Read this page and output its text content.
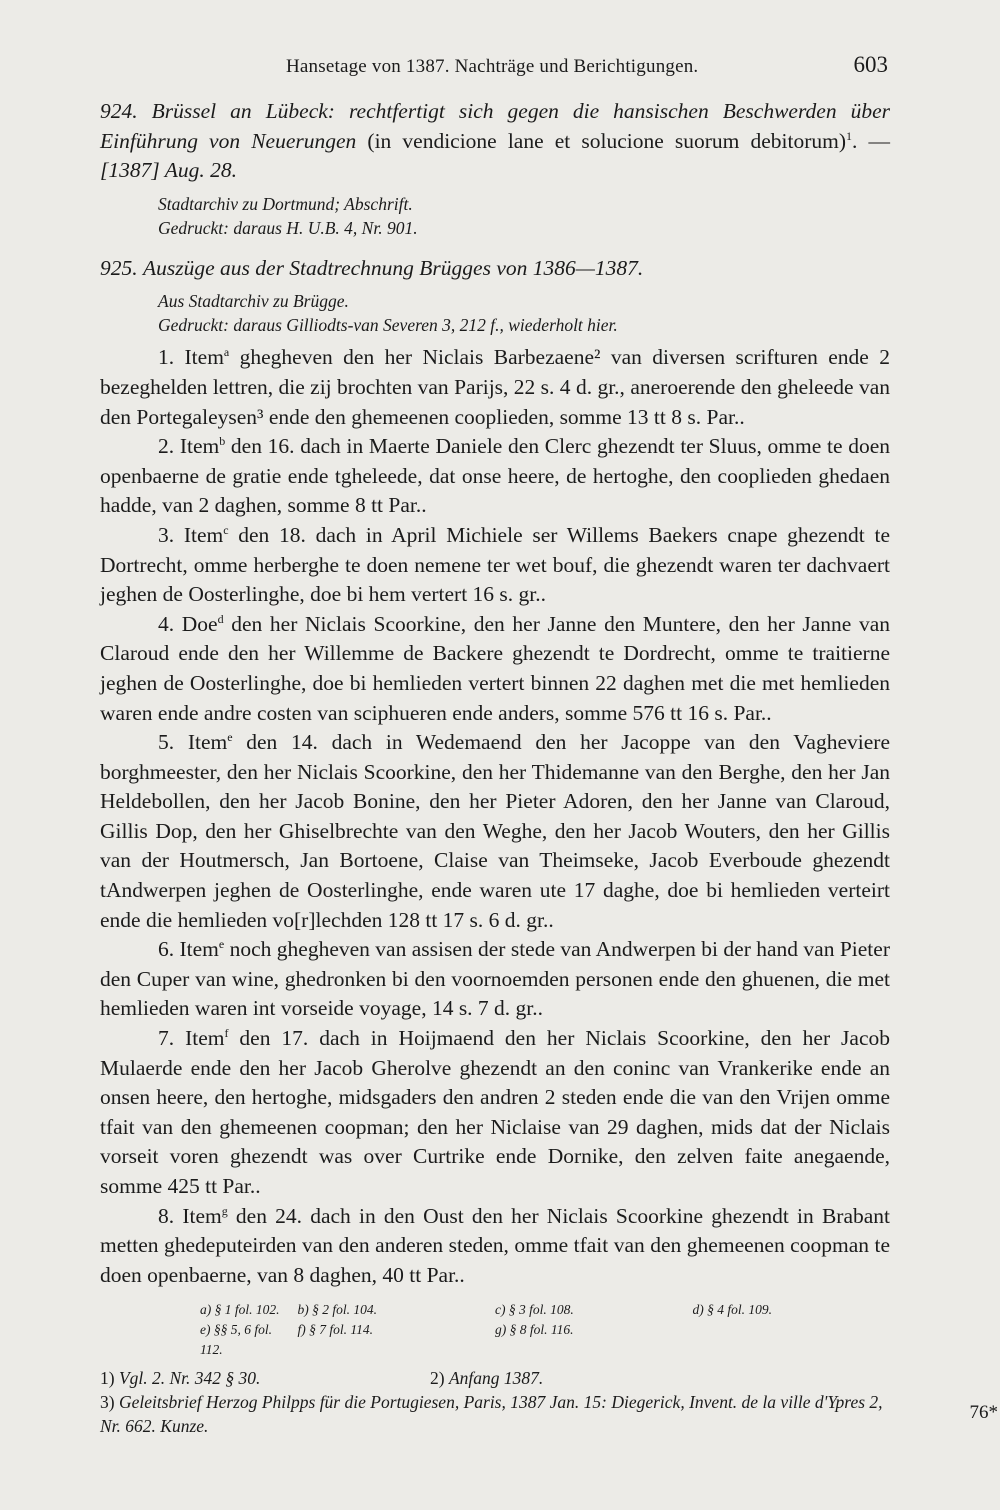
Hansetage von 1387. Nachträge und Berichtigungen.	603

924. Brüssel an Lübeck: rechtfertigt sich gegen die hansischen Beschwerden über Einführung von Neuerungen (in vendicione lane et solucione suorum debitorum)$^1$. — [1387] Aug. 28.

Stadtarchiv zu Dortmund; Abschrift.

Gedruckt: daraus H. U.B. 4, Nr. 901.

925. Auszüge aus der Stadtrechnung Brügges von 1386—1387.

Aus Stadtarchiv zu Brügge.

Gedruckt: daraus Gilliodts-van Severen 3, 212 f., wiederholt hier.

1. Item$^a$ ghegheven den her Niclais Barbezaene² van diversen scrifturen ende 2 bezeghelden lettren, die zij brochten van Parijs, 22 s. 4 d. gr., aneroerende den gheleede van den Portegaleysen³ ende den ghemeenen cooplieden, somme 13 tt 8 s. Par..

2. Item$^b$ den 16. dach in Maerte Daniele den Clerc ghezendt ter Sluus, omme te doen openbaerne de gratie ende tgheleede, dat onse heere, de hertoghe, den cooplieden ghedaen hadde, van 2 daghen, somme 8 tt Par..

3. Item$^c$ den 18. dach in April Michiele ser Willems Baekers cnape ghezendt te Dortrecht, omme herberghe te doen nemene ter wet bouf, die ghezendt waren ter dachvaert jeghen de Oosterlinghe, doe bi hem vertert 16 s. gr..

4. Doe$^d$ den her Niclais Scoorkine, den her Janne den Muntere, den her Janne van Claroud ende den her Willemme de Backere ghezendt te Dordrecht, omme te traitierne jeghen de Oosterlinghe, doe bi hemlieden vertert binnen 22 daghen met die met hemlieden waren ende andre costen van sciphueren ende anders, somme 576 tt 16 s. Par..

5. Item$^e$ den 14. dach in Wedemaend den her Jacoppe van den Vagheviere borghmeester, den her Niclais Scoorkine, den her Thidemanne van den Berghe, den her Jan Heldebollen, den her Jacob Bonine, den her Pieter Adoren, den her Janne van Claroud, Gillis Dop, den her Ghiselbrechte van den Weghe, den her Jacob Wouters, den her Gillis van der Houtmersch, Jan Bortoene, Claise van Theimseke, Jacob Everboude ghezendt tAndwerpen jeghen de Oosterlinghe, ende waren ute 17 daghe, doe bi hemlieden verteirt ende die hemlieden vo[r]lechden 128 tt 17 s. 6 d. gr..

6. Item$^e$ noch ghegheven van assisen der stede van Andwerpen bi der hand van Pieter den Cuper van wine, ghedronken bi den voornoemden personen ende den ghuenen, die met hemlieden waren int vorseide voyage, 14 s. 7 d. gr..

7. Item$^f$ den 17. dach in Hoijmaend den her Niclais Scoorkine, den her Jacob Mulaerde ende den her Jacob Gherolve ghezendt an den coninc van Vrankerike ende an onsen heere, den hertoghe, midsgaders den andren 2 steden ende die van den Vrijen omme tfait van den ghemeenen coopman; den her Niclaise van 29 daghen, mids dat der Niclais vorseit voren ghezendt was over Curtrike ende Dornike, den zelven faite anegaende, somme 425 tt Par..

8. Item$^g$ den 24. dach in den Oust den her Niclais Scoorkine ghezendt in Brabant metten ghedeputeirden van den anderen steden, omme tfait van den ghemeenen coopman te doen openbaerne, van 8 daghen, 40 tt Par..

a) § 1 fol. 102.	b) § 2 fol. 104.	c) § 3 fol. 108.	d) § 4 fol. 109.
e) §§ 5, 6 fol. 112.
f) § 7 fol. 114.	g) § 8 fol. 116.
1) Vgl. 2. Nr. 342 § 30.	2) Anfang 1387.
3) Geleitsbrief Herzog Philpps für die Portugiesen, Paris, 1387 Jan. 15: Diegerick, Invent. de la ville d'Ypres 2, Nr. 662. Kunze.
76*
